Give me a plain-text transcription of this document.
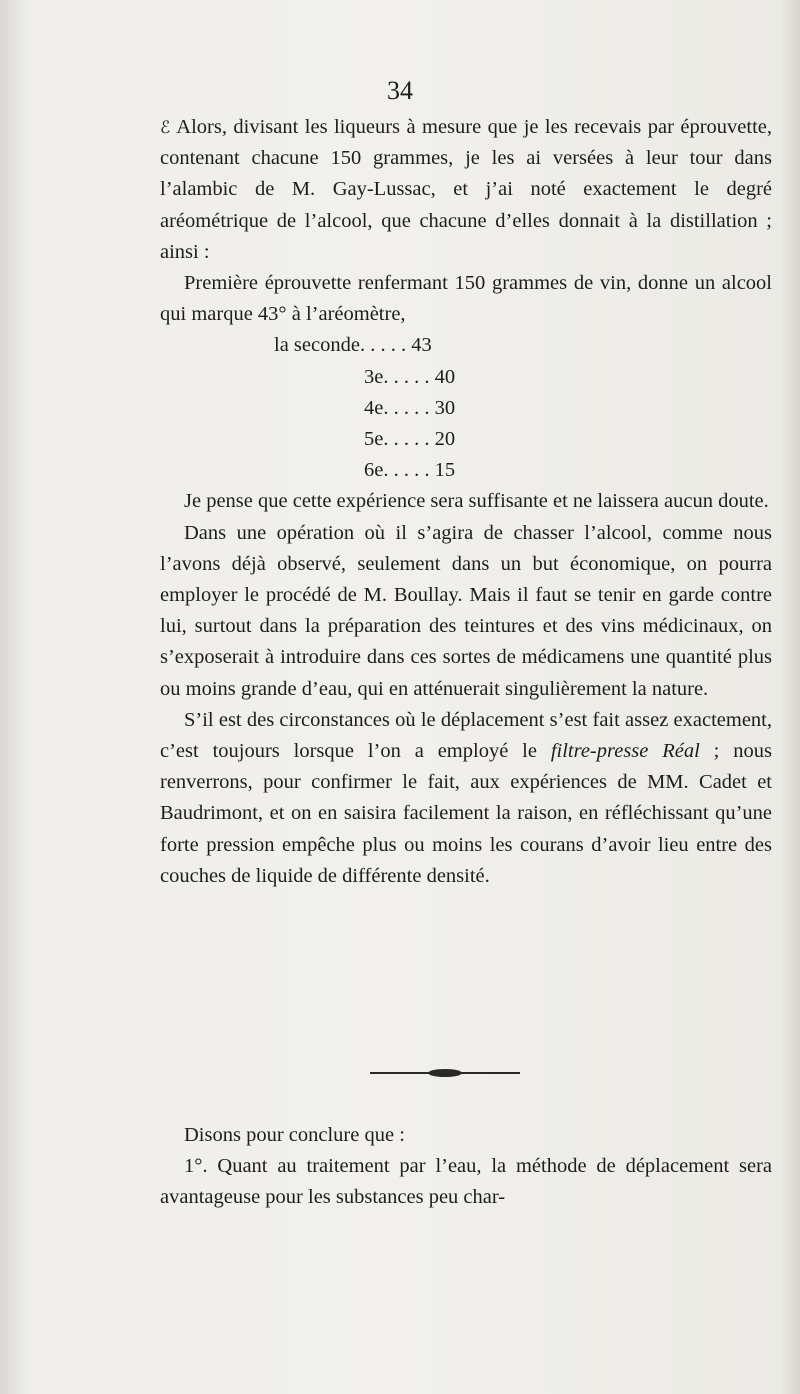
34

ℰ Alors, divisant les liqueurs à mesure que je les recevais par éprouvette, contenant chacune 150 grammes, je les ai versées à leur tour dans l’alambic de M. Gay-Lussac, et j’ai noté exactement le degré aréométrique de l’alcool, que chacune d’elles donnait à la distillation ; ainsi :

Première éprouvette renfermant 150 grammes de vin, donne un alcool qui marque 43° à l’aréomètre,

la seconde. . . . . 43
3e. . . . . 40
4e. . . . . 30
5e. . . . . 20
6e. . . . . 15

Je pense que cette expérience sera suffisante et ne laissera aucun doute.

Dans une opération où il s’agira de chasser l’alcool, comme nous l’avons déjà observé, seulement dans un but économique, on pourra employer le procédé de M. Boullay. Mais il faut se tenir en garde contre lui, surtout dans la préparation des teintures et des vins médicinaux, on s’exposerait à introduire dans ces sortes de médicamens une quantité plus ou moins grande d’eau, qui en atténuerait singulièrement la nature.

S’il est des circonstances où le déplacement s’est fait assez exactement, c’est toujours lorsque l’on a employé le filtre-presse Réal ; nous renverrons, pour confirmer le fait, aux expériences de MM. Cadet et Baudrimont, et on en saisira facilement la raison, en réfléchissant qu’une forte pression empêche plus ou moins les courans d’avoir lieu entre des couches de liquide de différente densité.

Disons pour conclure que :

1°. Quant au traitement par l’eau, la méthode de déplacement sera avantageuse pour les substances peu char-
